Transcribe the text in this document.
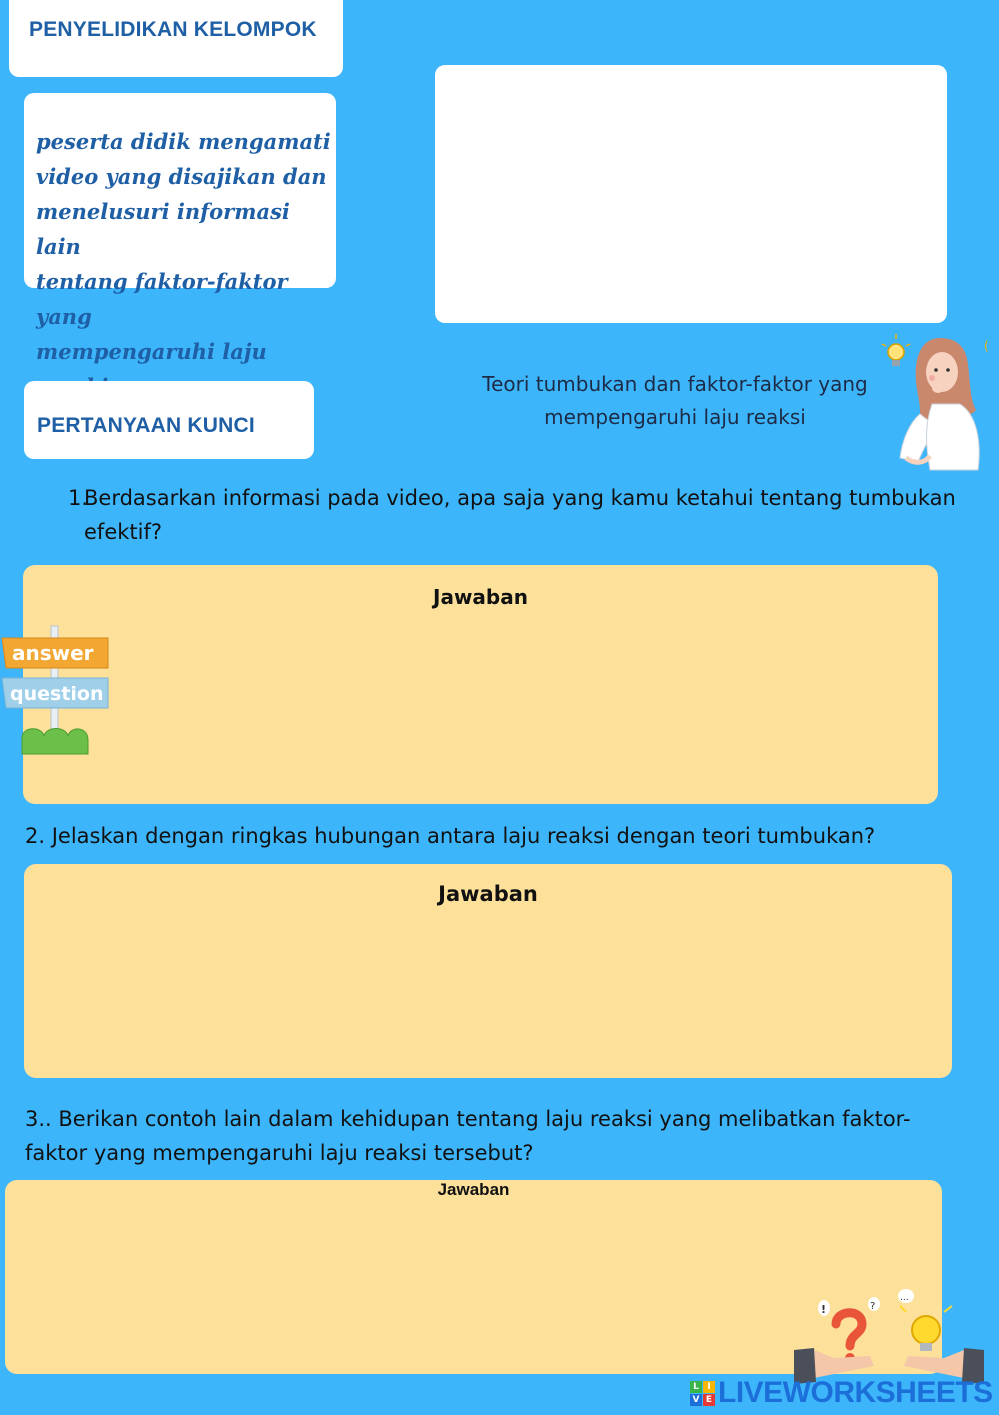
PENYELIDIKAN KELOMPOK
peserta didik mengamati
video yang disajikan dan
menelusuri informasi lain
tentang faktor-faktor yang
mempengaruhi laju
PERTANYAAN KUNCI
Teori tumbukan dan faktor-faktor yang
mempengaruhi laju reaksi
(
1.
Berdasarkan informasi pada video, apa saja yang kamu ketahui tentang tumbukan
efektif?
Jawaban
answer
question
2. Jelaskan dengan ringkas hubungan antara laju reaksi dengan teori tumbukan?
Jawaban
3.. Berikan contoh lain dalam kehidupan tentang laju reaksi yang melibatkan faktor-
faktor yang mempengaruhi laju reaksi tersebut?
Jawaban
!	?
...
L I
V E LIVEWORKSHEETS
